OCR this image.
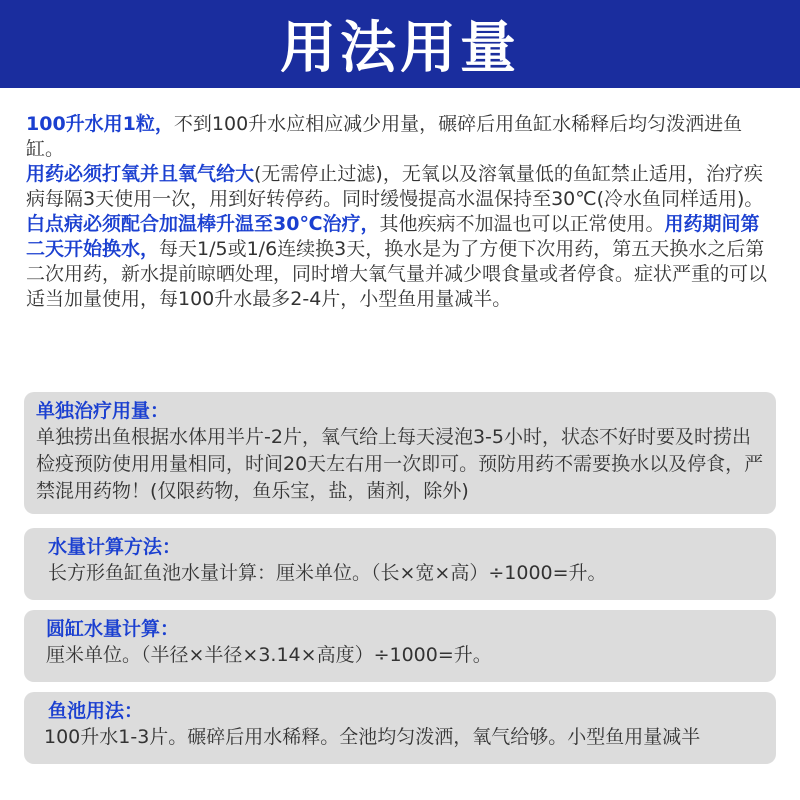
用法用量

100升水用1粒，不到100升水应相应减少用量，碾碎后用鱼缸水稀释后均匀泼洒进鱼缸。

用药必须打氧并且氧气给大(无需停止过滤)，无氧以及溶氧量低的鱼缸禁止适用，治疗疾病每隔3天使用一次，用到好转停药。同时缓慢提高水温保持至30℃(冷水鱼同样适用)。

白点病必须配合加温棒升温至30℃治疗，其他疾病不加温也可以正常使用。用药期间第二天开始换水，每天1/5或1/6连续换3天，换水是为了方便下次用药，第五天换水之后第二次用药，新水提前晾晒处理，同时增大氧气量并减少喂食量或者停食。症状严重的可以适当加量使用，每100升水最多2-4片，小型鱼用量减半。

单独治疗用量：

单独捞出鱼根据水体用半片-2片，氧气给上每天浸泡3-5小时，状态不好时要及时捞出检疫预防使用用量相同，时间20天左右用一次即可。预防用药不需要换水以及停食，严禁混用药物！(仅限药物，鱼乐宝，盐，菌剂，除外)

水量计算方法：

长方形鱼缸鱼池水量计算：厘米单位。（长×宽×高）÷1000=升。

圆缸水量计算：

厘米单位。（半径×半径×3.14×高度）÷1000=升。

鱼池用法：

100升水1-3片。碾碎后用水稀释。全池均匀泼洒，氧气给够。小型鱼用量减半
